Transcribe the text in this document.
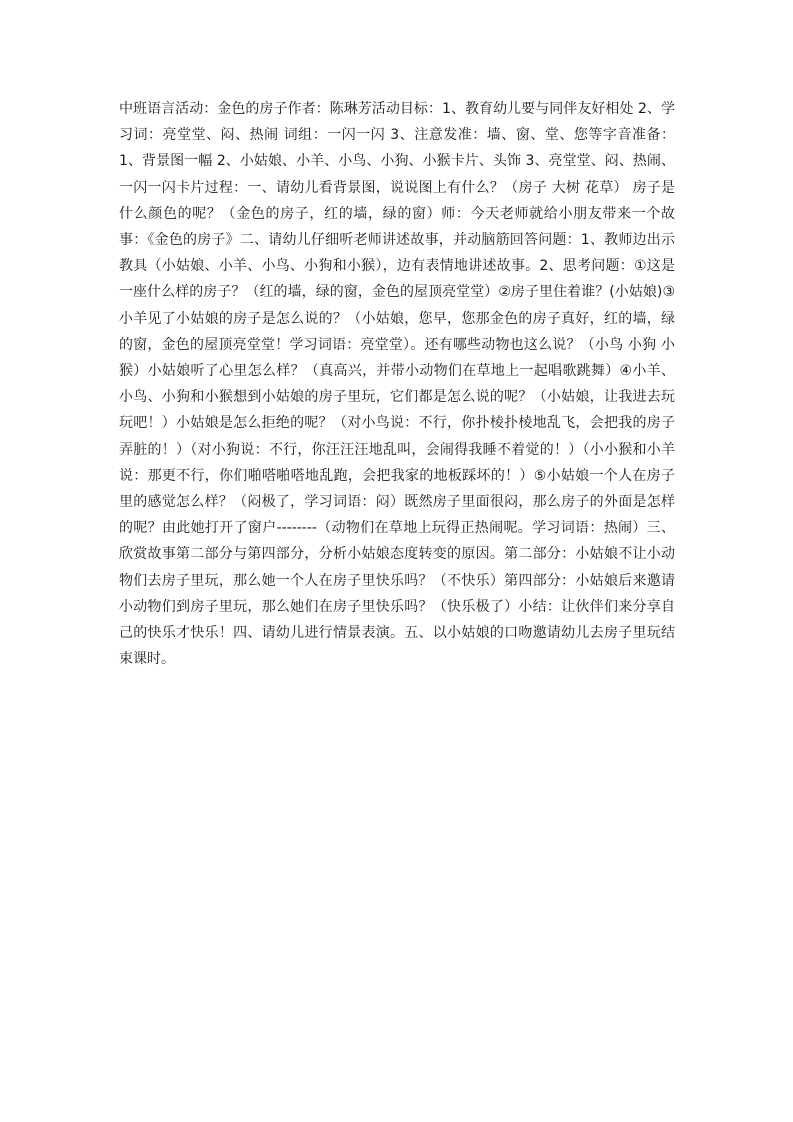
中班语言活动：金色的房子作者：陈琳芳活动目标：1、教育幼儿要与同伴友好相处 2、学习词：亮堂堂、闷、热闹 词组：一闪一闪 3、注意发准：墙、窗、堂、您等字音准备：1、背景图一幅 2、小姑娘、小羊、小鸟、小狗、小猴卡片、头饰 3、亮堂堂、闷、热闹、一闪一闪卡片过程：一、请幼儿看背景图，说说图上有什么？（房子 大树 花草） 房子是什么颜色的呢？（金色的房子，红的墙，绿的窗）师：今天老师就给小朋友带来一个故事：《金色的房子》二、请幼儿仔细听老师讲述故事，并动脑筋回答问题：1、教师边出示教具（小姑娘、小羊、小鸟、小狗和小猴），边有表情地讲述故事。2、思考问题：①这是一座什么样的房子？（红的墙，绿的窗，金色的屋顶亮堂堂）②房子里住着谁？(小姑娘)③小羊见了小姑娘的房子是怎么说的？（小姑娘，您早，您那金色的房子真好，红的墙，绿的窗，金色的屋顶亮堂堂！学习词语：亮堂堂）。还有哪些动物也这么说？（小鸟 小狗 小猴）小姑娘听了心里怎么样？（真高兴，并带小动物们在草地上一起唱歌跳舞）④小羊、小鸟、小狗和小猴想到小姑娘的房子里玩，它们都是怎么说的呢？（小姑娘，让我进去玩玩吧！）小姑娘是怎么拒绝的呢？（对小鸟说：不行，你扑棱扑棱地乱飞，会把我的房子弄脏的！）（对小狗说：不行，你汪汪汪地乱叫，会闹得我睡不着觉的！）（小小猴和小羊说：那更不行，你们啪嗒啪嗒地乱跑，会把我家的地板踩坏的！）⑤小姑娘一个人在房子里的感觉怎么样？（闷极了，学习词语：闷）既然房子里面很闷，那么房子的外面是怎样的呢？由此她打开了窗户--------（动物们在草地上玩得正热闹呢。学习词语：热闹）三、欣赏故事第二部分与第四部分，分析小姑娘态度转变的原因。第二部分：小姑娘不让小动物们去房子里玩，那么她一个人在房子里快乐吗？（不快乐）第四部分：小姑娘后来邀请小动物们到房子里玩，那么她们在房子里快乐吗？（快乐极了）小结：让伙伴们来分享自己的快乐才快乐！四、请幼儿进行情景表演。五、以小姑娘的口吻邀请幼儿去房子里玩结束课时。
